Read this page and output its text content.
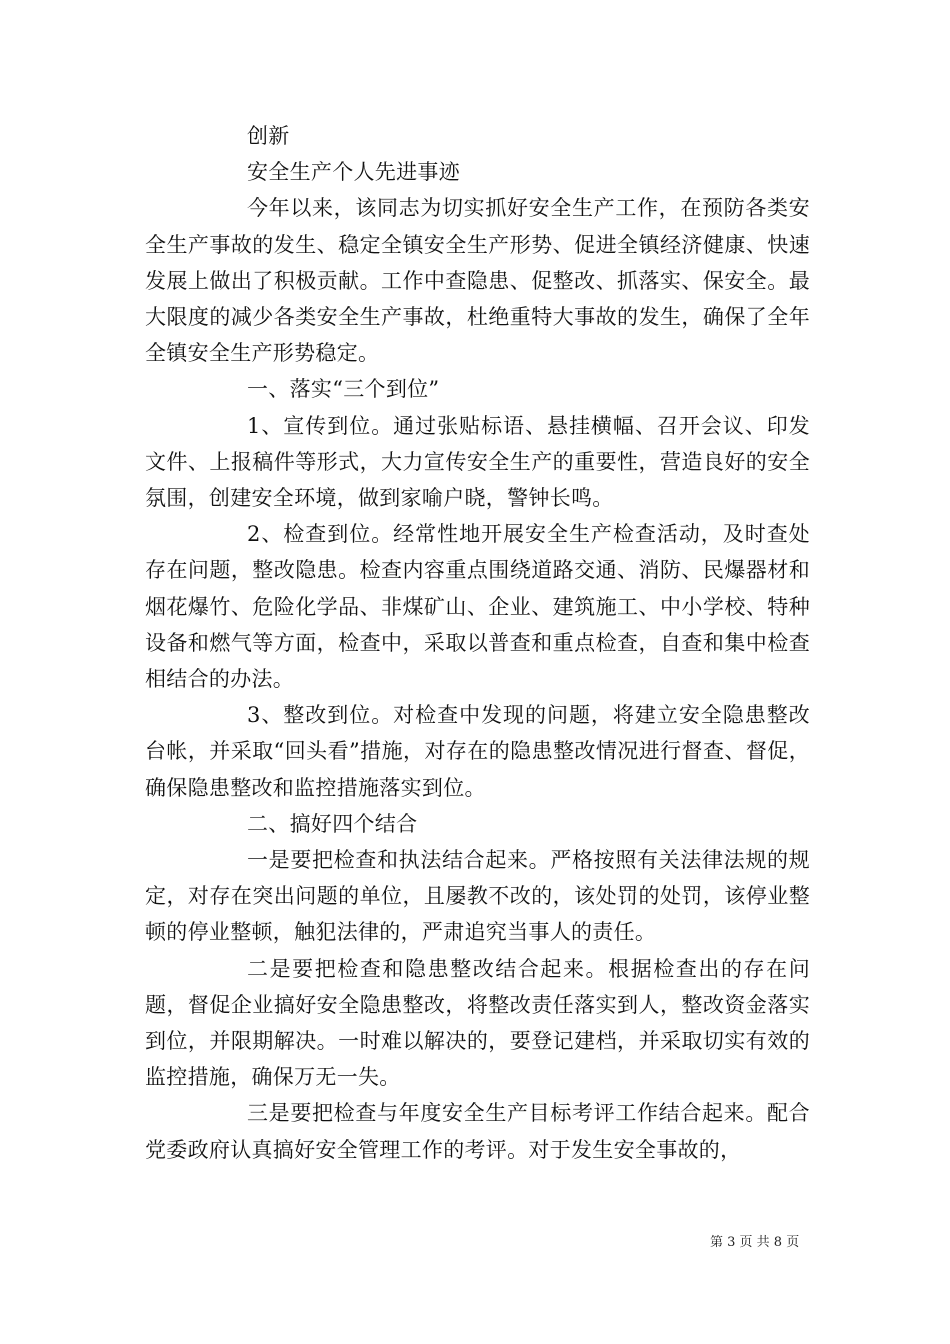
创新

安全生产个人先进事迹

今年以来，该同志为切实抓好安全生产工作，在预防各类安全生产事故的发生、稳定全镇安全生产形势、促进全镇经济健康、快速发展上做出了积极贡献。工作中查隐患、促整改、抓落实、保安全。最大限度的减少各类安全生产事故，杜绝重特大事故的发生，确保了全年全镇安全生产形势稳定。

一、落实“三个到位”

1、宣传到位。通过张贴标语、悬挂横幅、召开会议、印发文件、上报稿件等形式，大力宣传安全生产的重要性，营造良好的安全氛围，创建安全环境，做到家喻户晓，警钟长鸣。

2、检查到位。经常性地开展安全生产检查活动，及时查处存在问题，整改隐患。检查内容重点围绕道路交通、消防、民爆器材和烟花爆竹、危险化学品、非煤矿山、企业、建筑施工、中小学校、特种设备和燃气等方面，检查中，采取以普查和重点检查，自查和集中检查相结合的办法。

3、整改到位。对检查中发现的问题，将建立安全隐患整改台帐，并采取“回头看”措施，对存在的隐患整改情况进行督查、督促，确保隐患整改和监控措施落实到位。

二、搞好四个结合

一是要把检查和执法结合起来。严格按照有关法律法规的规定，对存在突出问题的单位，且屡教不改的，该处罚的处罚，该停业整顿的停业整顿，触犯法律的，严肃追究当事人的责任。

二是要把检查和隐患整改结合起来。根据检查出的存在问题，督促企业搞好安全隐患整改，将整改责任落实到人，整改资金落实到位，并限期解决。一时难以解决的，要登记建档，并采取切实有效的监控措施，确保万无一失。

三是要把检查与年度安全生产目标考评工作结合起来。配合党委政府认真搞好安全管理工作的考评。对于发生安全事故的，

第 3 页 共 8 页
